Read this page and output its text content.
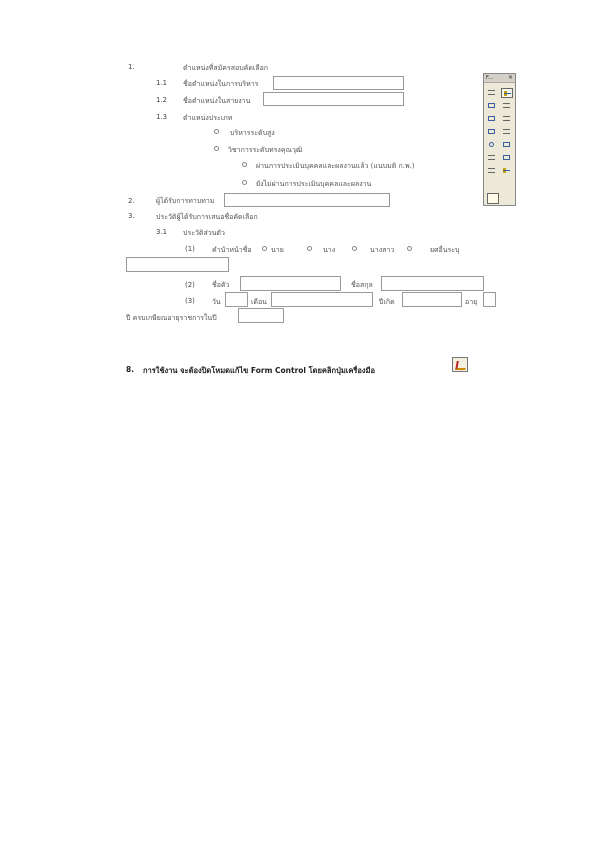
1.	ตำแหน่งที่สมัครสอบคัดเลือก
1.1 ชื่อตำแหน่งในการบริหาร
1.2 ชื่อตำแหน่งในสายงาน
1.3 ตำแหน่งประเภท
บริหารระดับสูง
วิชาการระดับทรงคุณวุฒิ
ผ่านการประเมินบุคคลและผลงานแล้ว (แนบมติ ก.พ.)
ยังไม่ผ่านการประเมินบุคคลและผลงาน
2.	ผู้ได้รับการทาบทาม
3.	ประวัติผู้ได้รับการเสนอชื่อคัดเลือก
3.1 ประวัติส่วนตัว
(1) คำนำหน้าชื่อ	นาย	นาง	นางสาว	ยศอื่นระบุ
(2) ชื่อตัว	ชื่อสกุล
(3) วัน	เดือน	ปีเกิด	อายุ
ปี ครบเกษียณอายุราชการในปี
F...	×
8. การใช้งาน จะต้องปิดโหมดแก้ไข Form Control โดยคลิกปุ่มเครื่องมือ
